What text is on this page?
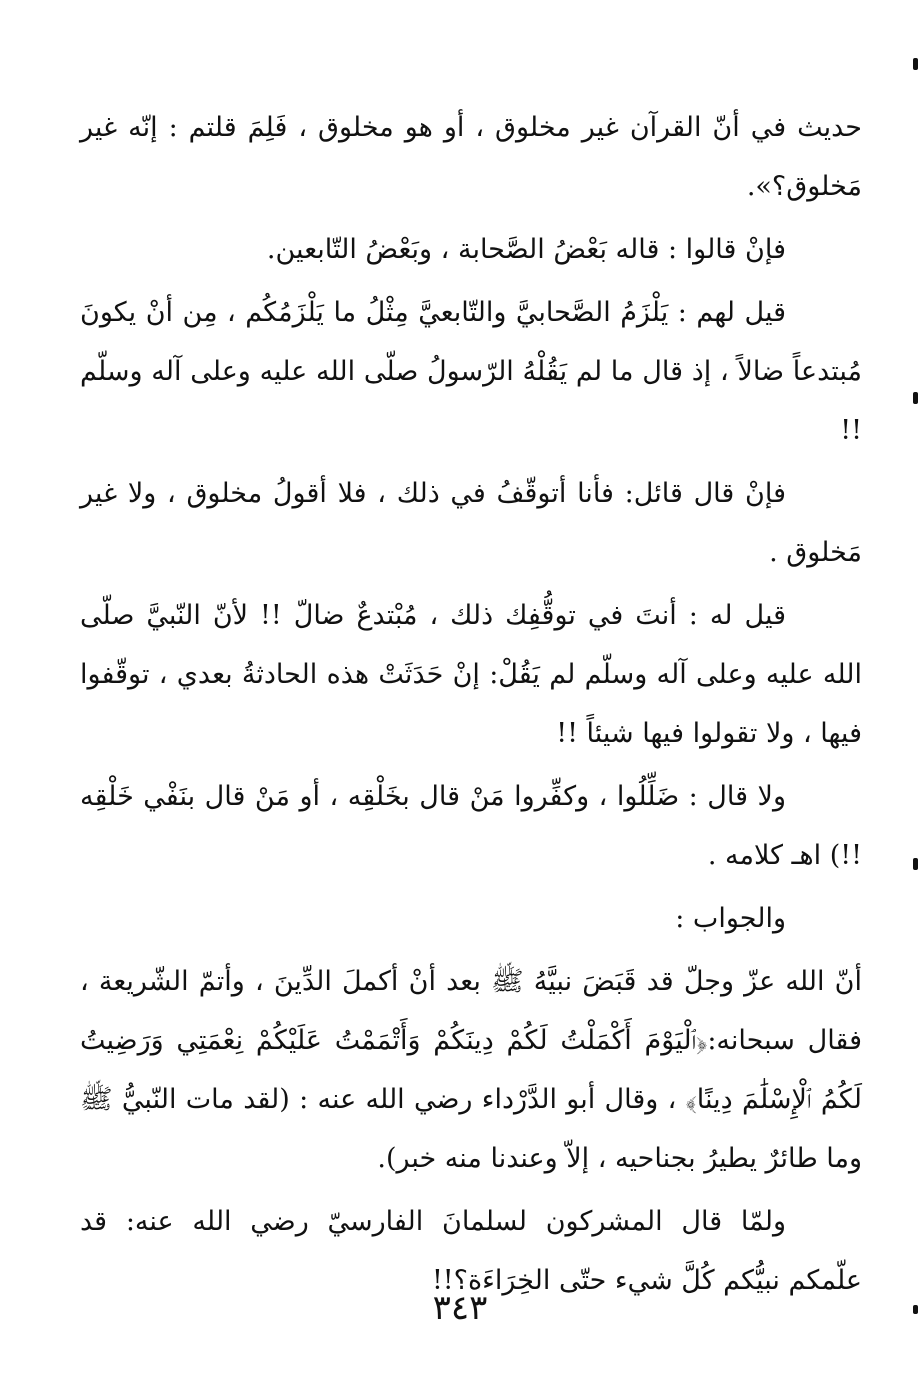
حديث في أنّ القرآن غير مخلوق ، أو هو مخلوق ، فَلِمَ قلتم : إنّه غير مَخلوق؟».

فإنْ قالوا : قاله بَعْضُ الصَّحابة ، وبَعْضُ التّابعين.

قيل لهم : يَلْزَمُ الصَّحابيَّ والتّابعيَّ مِثْلُ ما يَلْزَمُكُم ، مِن أنْ يكونَ مُبتدعاً ضالاً ، إذ قال ما لم يَقُلْهُ الرّسولُ صلّى الله عليه وعلى آله وسلّم !!

فإنْ قال قائل: فأنا أتوقّفُ في ذلك ، فلا أقولُ مخلوق ، ولا غير مَخلوق .

قيل له : أنتَ في توقُّفِك ذلك ، مُبْتدعٌ ضالّ !! لأنّ النّبيَّ صلّى الله عليه وعلى آله وسلّم لم يَقُلْ: إنْ حَدَثَتْ هذه الحادثةُ بعدي ، توقّفوا فيها ، ولا تقولوا فيها شيئاً !!

ولا قال : ضَلِّلُوا ، وكفِّروا مَنْ قال بخَلْقِه ، أو مَنْ قال بنَفْي خَلْقِه !!) اهـ كلامه .

والجواب :

أنّ الله عزّ وجلّ قد قَبَضَ نبيَّهُ ﷺ بعد أنْ أكملَ الدِّينَ ، وأتمّ الشّريعة ، فقال سبحانه:﴿ٱلْيَوْمَ أَكْمَلْتُ لَكُمْ دِينَكُمْ وَأَتْمَمْتُ عَلَيْكُمْ نِعْمَتِي وَرَضِيتُ لَكُمُ ٱلْإِسْلَٰمَ دِينًا﴾ ، وقال أبو الدَّرْداء رضي الله عنه : (لقد مات النّبيُّ ﷺ وما طائرٌ يطيرُ بجناحيه ، إلاّ وعندنا منه خبر).

ولمّا قال المشركون لسلمانَ الفارسيّ رضي الله عنه: قد علّمكم نبيُّكم كُلَّ شيء حتّى الخِرَاءَة؟!!

٣٤٣
